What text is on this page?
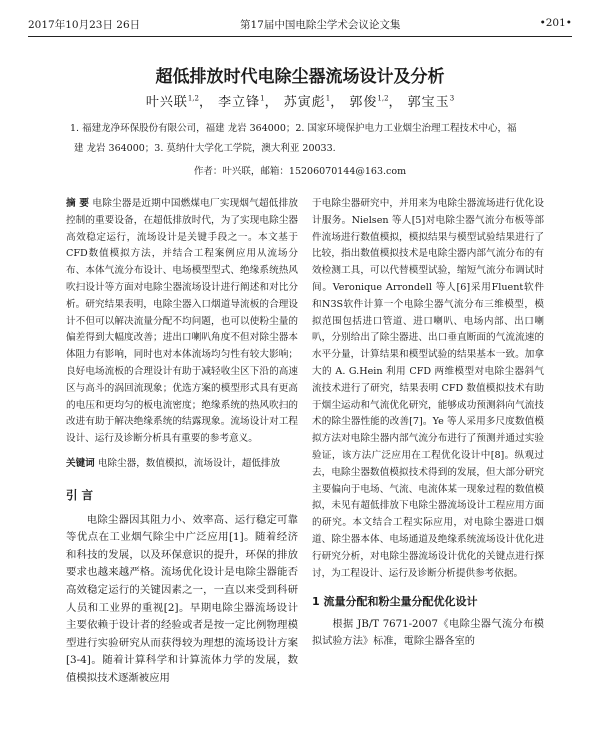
2017年10月23日 26日	第17届中国电除尘学术会议论文集	•201•
超低排放时代电除尘器流场设计及分析
叶兴联$^{1,2}$， 李立锋$^1$， 苏寅彪$^1$， 郭俊$^{1,2}$， 郭宝玉$^3$
1. 福建龙净环保股份有限公司，福建 龙岩 364000；2. 国家环境保护电力工业烟尘治理工程技术中心，福
建 龙岩 364000；3. 莫纳什大学化工学院，澳大利亚 20033.
作者：叶兴联，邮箱：15206070144@163.com
摘 要 电除尘器是近期中国燃煤电厂实现烟气超低排放控制的重要设备，在超低排放时代，为了实现电除尘器高效稳定运行，流场设计是关键手段之一。本文基于CFD数值模拟方法，并结合工程案例应用从流场分布、本体气流分布设计、电场模型型式、绝缘系统热风吹扫设计等方面对电除尘器流场设计进行阐述和对比分析。研究结果表明，电除尘器入口烟道导流板的合理设计不但可以解决流量分配不均问题，也可以使粉尘量的偏差得到大幅度改善；进出口喇叭角度不但对除尘器本体阻力有影响，同时也对本体流场均匀性有较大影响；良好电场流板的合理设计有助于减轻收尘区下沿的高速区与高斗的涡回流现象；优选方案的模型形式具有更高的电压和更均匀的板电流密度；绝缘系统的热风吹扫的改进有助于解决绝缘系统的结露现象。流场设计对工程设计、运行及诊断分析具有重要的参考意义。
关键词 电除尘器，数值模拟，流场设计，超低排放
引 言
电除尘器因其阻力小、效率高、运行稳定可靠等优点在工业烟气除尘中广泛应用[1]。随着经济和科技的发展，以及环保意识的提升，环保的排放要求也越来越严格。流场优化设计是电除尘器能否高效稳定运行的关键因素之一，一直以来受到科研人员和工业界的重视[2]。早期电除尘器流场设计主要依赖于设计者的经验或者是按一定比例物理模型进行实验研究从而获得较为理想的流场设计方案[3-4]。随着计算科学和计算流体力学的发展，数值模拟技术逐渐被应用
于电除尘器研究中，并用来为电除尘器流场进行优化设计服务。Nielsen 等人[5]对电除尘器气流分布板等部件流场进行数值模拟，模拟结果与模型试验结果进行了比较，指出数值模拟技术是电除尘器内部气流分布的有效检测工具，可以代替模型试验，缩短气流分布调试时间。Veronique Arrondell 等人[6]采用Fluent软件和N3S软件计算一个电除尘器气流分布三维模型，模拟范围包括进口管道、进口喇叭、电场内部、出口喇叭，分别给出了除尘器进、出口垂直断面的气流流速的水平分量，计算结果和模型试验的结果基本一致。加拿大的 A. G.Hein 利用 CFD 两维模型对电除尘器斜气流技术进行了研究，结果表明 CFD 数值模拟技术有助于烟尘运动和气流优化研究，能够成功预测斜向气流技术的除尘器性能的改善[7]。Ye 等人采用多尺度数值模拟方法对电除尘器内部气流分布进行了预测并通过实验验证，该方法广泛应用在工程优化设计中[8]。纵观过去，电除尘器数值模拟技术得到的发展，但大部分研究主要偏向于电场、气流、电流体某一现象过程的数值模拟，未见有超低排放下电除尘器流场设计工程应用方面的研究。本文结合工程实际应用，对电除尘器进口烟道、除尘器本体、电场通道及绝缘系统流场设计优化进行研究分析，对电除尘器流场设计优化的关键点进行探讨，为工程设计、运行及诊断分析提供参考依据。
1 流量分配和粉尘量分配优化设计
根据 JB/T 7671-2007《电除尘器气流分布模拟试验方法》标准，電除尘器各室的
